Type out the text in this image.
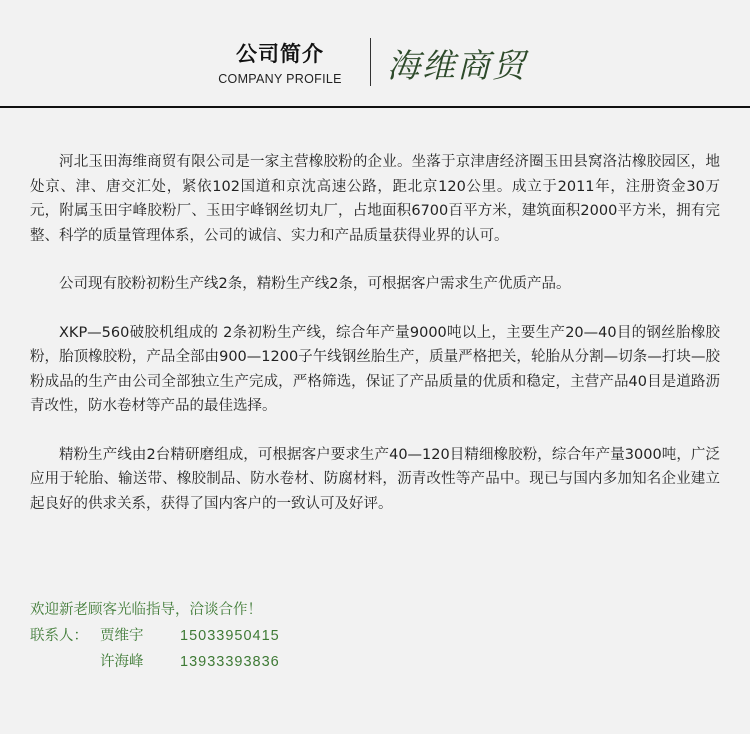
公司简介
COMPANY PROFILE	海维商贸

河北玉田海维商贸有限公司是一家主营橡胶粉的企业。坐落于京津唐经济圈玉田县窝洛沽橡胶园区，地处京、津、唐交汇处，紧依102国道和京沈高速公路，距北京120公里。成立于2011年，注册资金30万元，附属玉田宇峰胶粉厂、玉田宇峰钢丝切丸厂，占地面积6700百平方米，建筑面积2000平方米，拥有完整、科学的质量管理体系，公司的诚信、实力和产品质量获得业界的认可。

公司现有胶粉初粉生产线2条，精粉生产线2条，可根据客户需求生产优质产品。

XKP—560破胶机组成的 2条初粉生产线，综合年产量9000吨以上，主要生产20—40目的钢丝胎橡胶粉，胎顶橡胶粉，产品全部由900—1200子午线钢丝胎生产，质量严格把关，轮胎从分割—切条—打块—胶粉成品的生产由公司全部独立生产完成，严格筛选，保证了产品质量的优质和稳定，主营产品40目是道路沥青改性，防水卷材等产品的最佳选择。

精粉生产线由2台精研磨组成，可根据客户要求生产40—120目精细橡胶粉，综合年产量3000吨，广泛应用于轮胎、输送带、橡胶制品、防水卷材、防腐材料，沥青改性等产品中。现已与国内多加知名企业建立起良好的供求关系，获得了国内客户的一致认可及好评。

欢迎新老顾客光临指导，洽谈合作！
联系人： 贾维宇	15033950415
许海峰	13933393836
